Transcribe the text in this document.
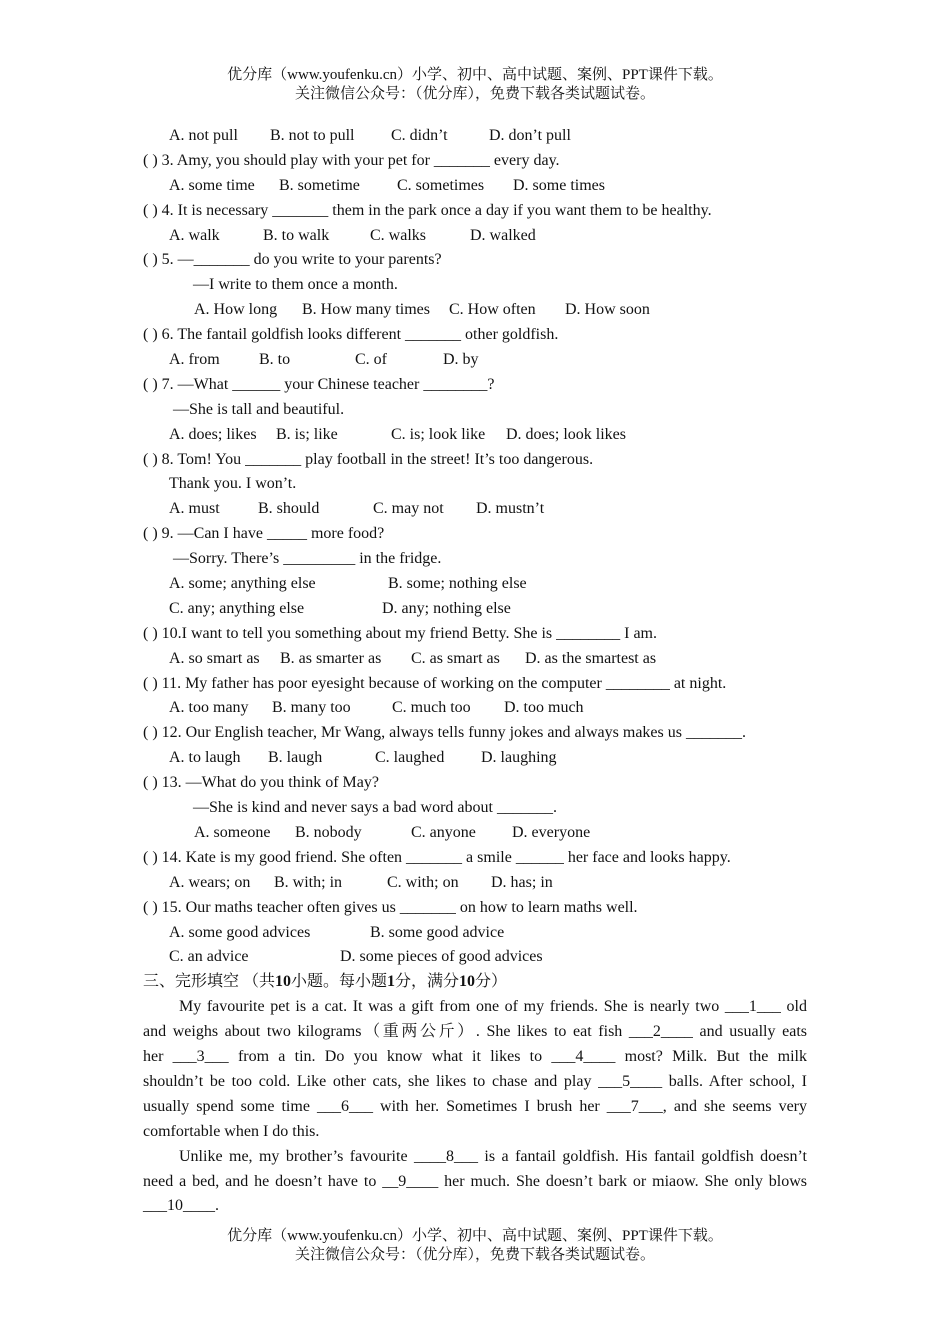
优分库（www.youfenku.cn）小学、初中、高中试题、案例、PPT课件下载。
关注微信公众号：（优分库），免费下载各类试题试卷。
A. not pull B. not to pull C. didn’t	D. don’t pull
( ) 3. Amy, you should play with your pet for _______ every day.
A. some time B. sometime C. sometimes D. some times
( ) 4. It is necessary _______ them in the park once a day if you want them to be healthy.
A. walk	B. to walk	C. walks	D. walked
( ) 5. —_______ do you write to your parents?
—I write to them once a month.
A. How long B. How many times C. How often D. How soon
( ) 6. The fantail goldfish looks different _______ other goldfish.
A. from B. to	C. of	D. by
( ) 7. —What ______ your Chinese teacher ________?
—She is tall and beautiful.
A. does; likes B. is; like	C. is; look like D. does; look likes
( ) 8. Tom! You _______ play football in the street! It’s too dangerous.
Thank you. I won’t.
A. must B. should	C. may not D. mustn’t
( ) 9. —Can I have _____ more food?
—Sorry. There’s _________ in the fridge.
A. some; anything else	B. some; nothing else
C. any; anything else	D. any; nothing else
( ) 10.I want to tell you something about my friend Betty. She is ________ I am.
A. so smart as B. as smarter as C. as smart as D. as the smartest as
( ) 11. My father has poor eyesight because of working on the computer ________ at night.
A. too many B. many too	C. much too D. too much
( ) 12. Our English teacher, Mr Wang, always tells funny jokes and always makes us _______.
A. to laugh B. laugh	C. laughed D. laughing
( ) 13. —What do you think of May?
—She is kind and never says a bad word about _______.
A. someone B. nobody	C. anyone D. everyone
( ) 14. Kate is my good friend. She often _______ a smile ______ her face and looks happy.
A. wears; on B. with; in	C. with; on D. has; in
( ) 15. Our maths teacher often gives us _______ on how to learn maths well.
A. some good advices	B. some good advice
C. an advice	D. some pieces of good advices
三、完形填空 （共10小题。每小题1分，满分10分）
My favourite pet is a cat. It was a gift from one of my friends. She is nearly two ___1___ old
and weighs about two kilograms（重两公斤）. She likes to eat fish ___2____ and usually eats
her ___3___ from a tin. Do you know what it likes to ___4____ most? Milk. But the milk
shouldn’t be too cold. Like other cats, she likes to chase and play ___5____ balls. After school, I
usually spend some time ___6___ with her. Sometimes I brush her ___7___, and she seems very
comfortable when I do this.
Unlike me, my brother’s favourite ____8___ is a fantail goldfish. His fantail goldfish doesn’t
need a bed, and he doesn’t have to __9____ her much. She doesn’t bark or miaow. She only blows
___10____.
优分库（www.youfenku.cn）小学、初中、高中试题、案例、PPT课件下载。
关注微信公众号：（优分库），免费下载各类试题试卷。
